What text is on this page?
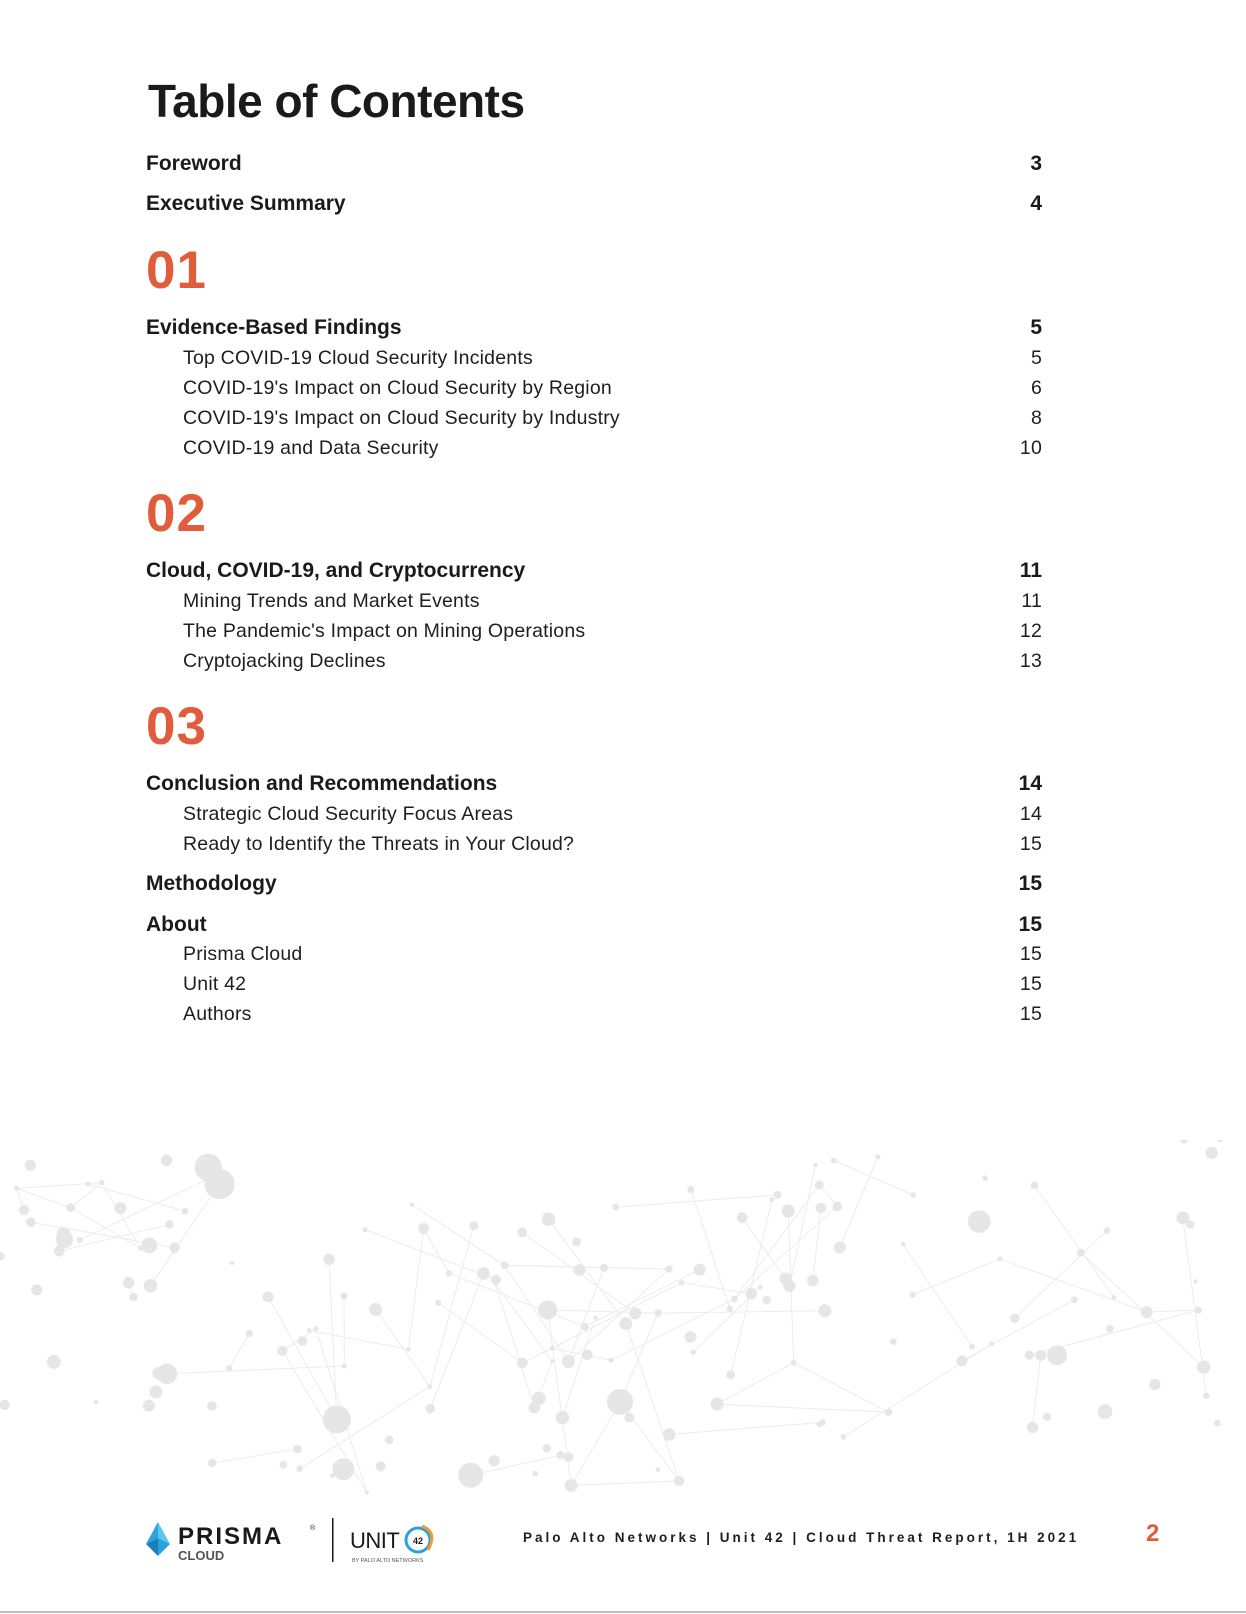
Table of Contents
Foreword	3
Executive Summary	4
01
Evidence-Based Findings	5
Top COVID-19 Cloud Security Incidents	5
COVID-19's Impact on Cloud Security by Region	6
COVID-19's Impact on Cloud Security by Industry	8
COVID-19 and Data Security	10
02
Cloud, COVID-19, and Cryptocurrency	11
Mining Trends and Market Events	11
The Pandemic's Impact on Mining Operations	12
Cryptojacking Declines	13
03
Conclusion and Recommendations	14
Strategic Cloud Security Focus Areas	14
Ready to Identify the Threats in Your Cloud?	15
Methodology	15
About	15
Prisma Cloud	15
Unit 42	15
Authors	15
PRISMA	®
CLOUD
UNIT 42
BY PALO ALTO NETWORKS
Palo Alto Networks | Unit 42 | Cloud Threat Report, 1H 2021	2
